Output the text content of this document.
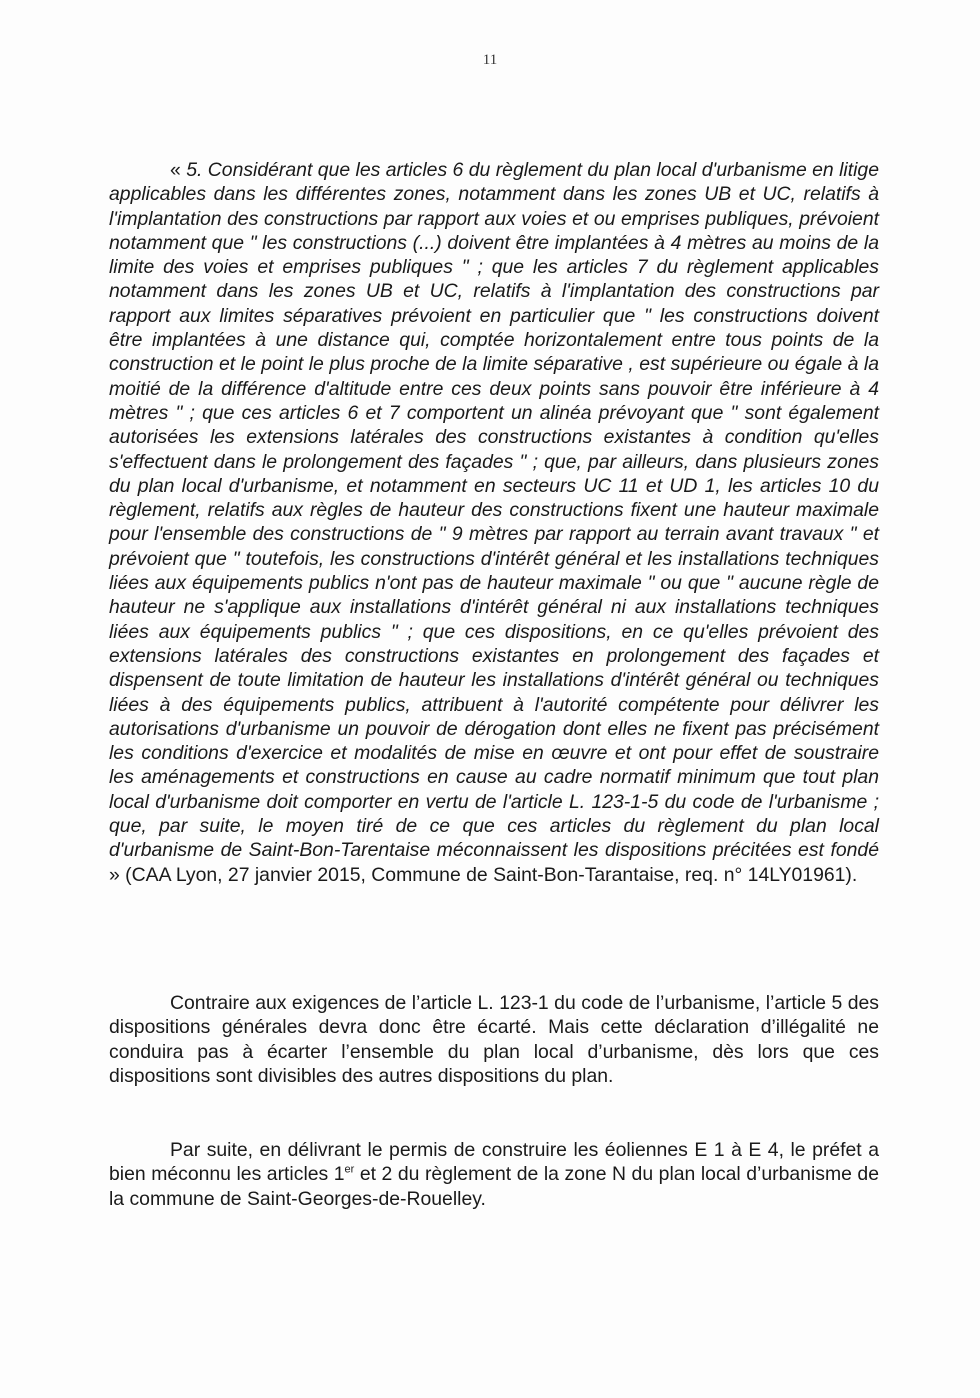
11
« 5. Considérant que les articles 6 du règlement du plan local d'urbanisme en litige applicables dans les différentes zones, notamment dans les zones UB et UC, relatifs à l'implantation des constructions par rapport aux voies et ou emprises publiques, prévoient notamment que " les constructions (...) doivent être implantées à 4 mètres au moins de la limite des voies et emprises publiques " ; que les articles 7 du règlement applicables notamment dans les zones UB et UC, relatifs à l'implantation des constructions par rapport aux limites séparatives prévoient en particulier que " les constructions doivent être implantées à une distance qui, comptée horizontalement entre tous points de la construction et le point le plus proche de la limite séparative , est supérieure ou égale à la moitié de la différence d'altitude entre ces deux points sans pouvoir être inférieure à 4 mètres " ; que ces articles 6 et 7 comportent un alinéa prévoyant que " sont également autorisées les extensions latérales des constructions existantes à condition qu'elles s'effectuent dans le prolongement des façades " ; que, par ailleurs, dans plusieurs zones du plan local d'urbanisme, et notamment en secteurs UC 11 et UD 1, les articles 10 du règlement, relatifs aux règles de hauteur des constructions fixent une hauteur maximale pour l'ensemble des constructions de " 9 mètres par rapport au terrain avant travaux " et prévoient que " toutefois, les constructions d'intérêt général et les installations techniques liées aux équipements publics n'ont pas de hauteur maximale " ou que " aucune règle de hauteur ne s'applique aux installations d'intérêt général ni aux installations techniques liées aux équipements publics " ; que ces dispositions, en ce qu'elles prévoient des extensions latérales des constructions existantes en prolongement des façades et dispensent de toute limitation de hauteur les installations d'intérêt général ou techniques liées à des équipements publics, attribuent à l'autorité compétente pour délivrer les autorisations d'urbanisme un pouvoir de dérogation dont elles ne fixent pas précisément les conditions d'exercice et modalités de mise en œuvre et ont pour effet de soustraire les aménagements et constructions en cause au cadre normatif minimum que tout plan local d'urbanisme doit comporter en vertu de l'article L. 123-1-5 du code de l'urbanisme ; que, par suite, le moyen tiré de ce que ces articles du règlement du plan local d'urbanisme de Saint-Bon-Tarentaise méconnaissent les dispositions précitées est fondé » (CAA Lyon, 27 janvier 2015, Commune de Saint-Bon-Tarantaise, req. n° 14LY01961).
Contraire aux exigences de l’article L. 123-1 du code de l’urbanisme, l’article 5 des dispositions générales devra donc être écarté. Mais cette déclaration d’illégalité ne conduira pas à écarter l’ensemble du plan local d’urbanisme, dès lors que ces dispositions sont divisibles des autres dispositions du plan.
Par suite, en délivrant le permis de construire les éoliennes E 1 à E 4, le préfet a bien méconnu les articles 1er et 2 du règlement de la zone N du plan local d’urbanisme de la commune de Saint-Georges-de-Rouelley.
